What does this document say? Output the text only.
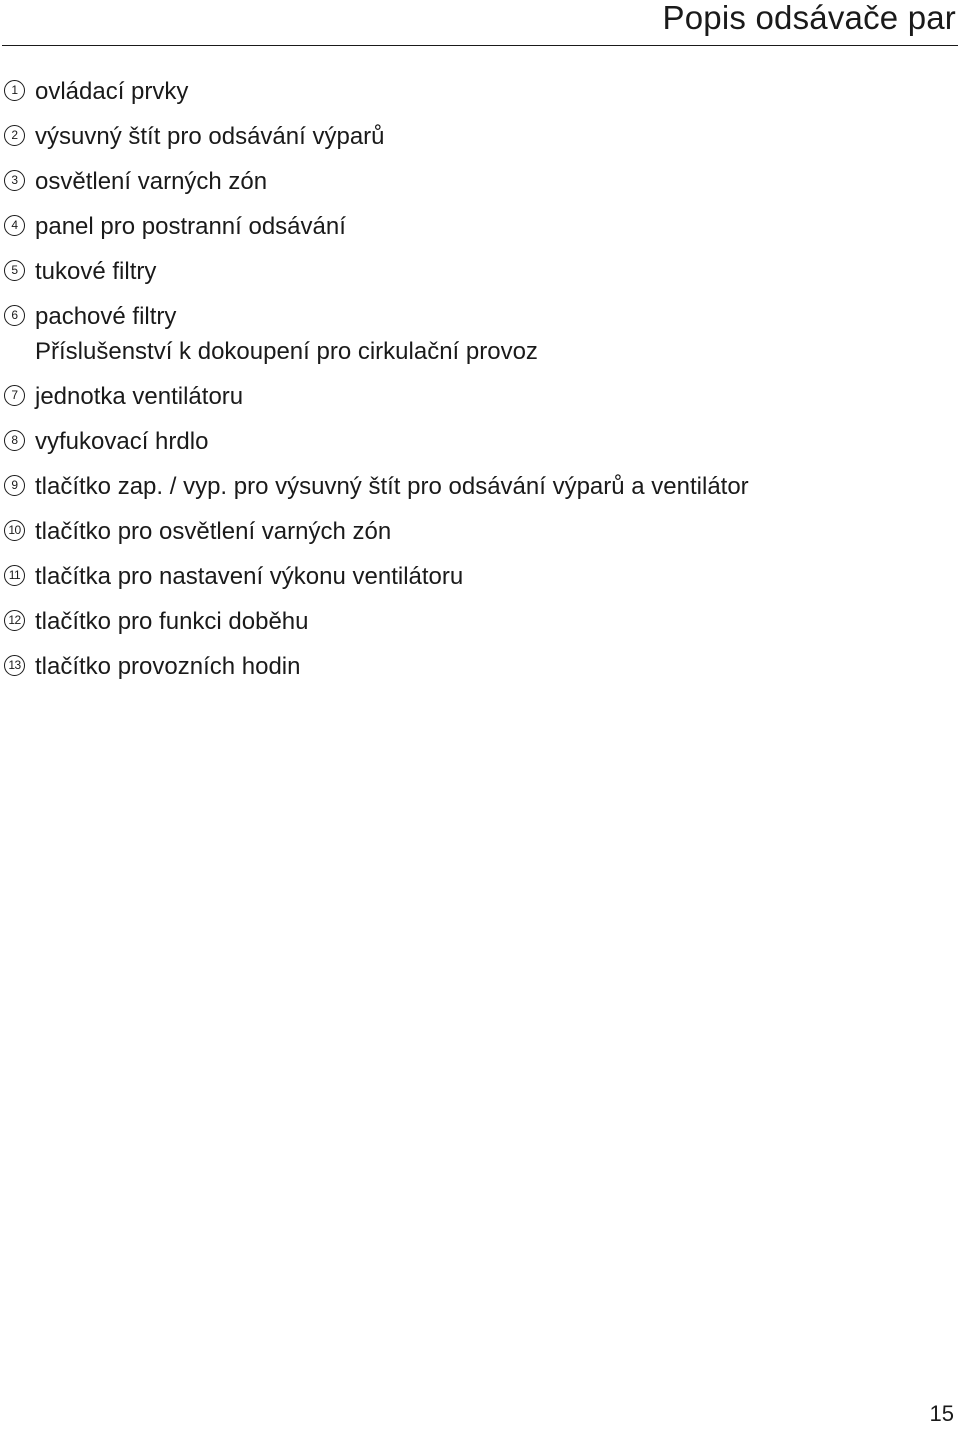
Popis odsávače par
1 ovládací prvky
2 výsuvný štít pro odsávání výparů
3 osvětlení varných zón
4 panel pro postranní odsávání
5 tukové filtry
6 pachové filtry
Příslušenství k dokoupení pro cirkulační provoz
7 jednotka ventilátoru
8 vyfukovací hrdlo
9 tlačítko zap. / vyp. pro výsuvný štít pro odsávání výparů a ventilátor
10 tlačítko pro osvětlení varných zón
11 tlačítka pro nastavení výkonu ventilátoru
12 tlačítko pro funkci doběhu
13 tlačítko provozních hodin
15
